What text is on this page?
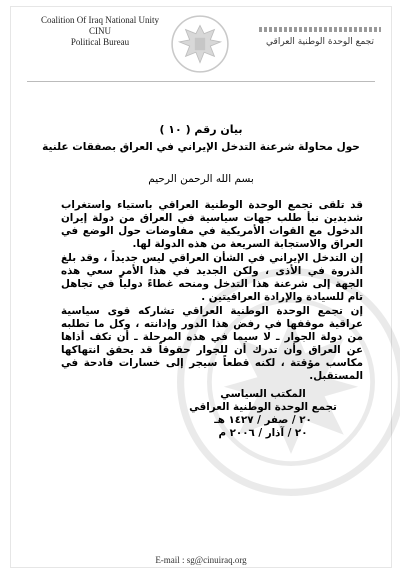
Coalition Of Iraq National Unity
CINU
Political Bureau	تجمع الوحدة الوطنية العراقي
بيان رقم ( ١٠ )
حول محاولة شرعنة التدخل الإيراني في العراق بصفقات علنية
بسم الله الرحمن الرحيم

قد تلقى تجمع الوحدة الوطنية العراقي باستياء واستغراب شديدين نبأ طلب جهات سياسية في العراق من دولة إيران الدخول مع القوات الأمريكية في مفاوضات حول الوضع في العراق والاستجابة السريعة من هذه الدولة لها.

إن التدخل الإيراني في الشأن العراقي ليس جديداً ، وقد بلغ الذروة في الأذى ، ولكن الجديد في هذا الأمر سعي هذه الجهة إلى شرعنة هذا التدخل ومنحه غطاءً دولياً في تجاهل تام للسيادة والإرادة العراقيتين .

إن تجمع الوحدة الوطنية العراقي تشاركه قوى سياسية عراقية موقفها في رفض هذا الدور وإدانته ، وكل ما تطلبه من دولة الجوار ـ لا سيما في هذه المرحلة ـ أن تكف أذاها عن العراق وأن تدرك أن للجوار حقوقاً قد يحقق انتهاكها مكاسب مؤقتة ، لكنه قطعاً سيجر إلى خسارات فادحة في المستقبل.

المكتب السياسي
تجمع الوحدة الوطنية العراقي
٢٠ / صفر / ١٤٢٧ هـ
٢٠ / آذار / ٢٠٠٦ م
E-mail : sg@cinuiraq.org
